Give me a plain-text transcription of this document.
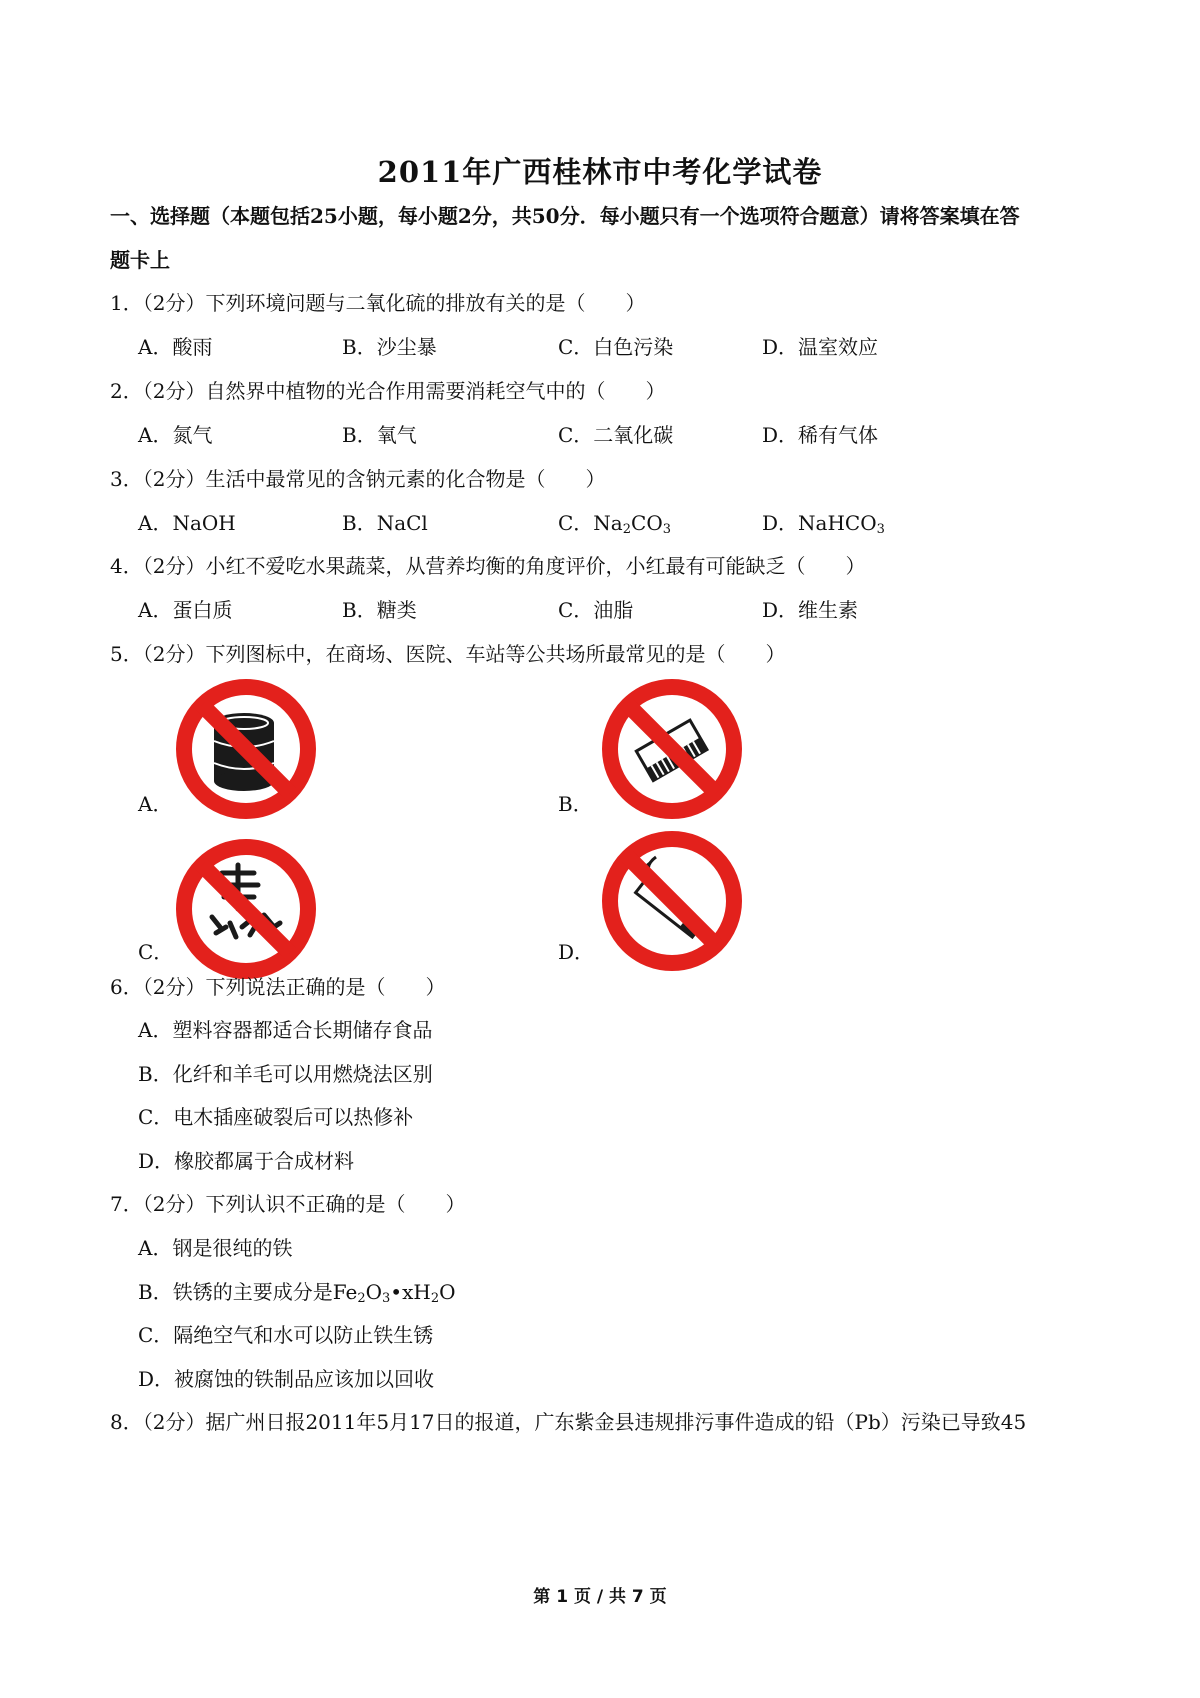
2011年广西桂林市中考化学试卷
一、选择题（本题包括25小题，每小题2分，共50分．每小题只有一个选项符合题意）请将答案填在答
题卡上
1．（2分）下列环境问题与二氧化硫的排放有关的是（　　）
A．酸雨	B．沙尘暴	C．白色污染	D．温室效应
2．（2分）自然界中植物的光合作用需要消耗空气中的（　　）
A．氮气	B．氧气	C．二氧化碳	D．稀有气体
3．（2分）生活中最常见的含钠元素的化合物是（　　）
A．NaOH	B．NaCl	C．$Na_2CO_3$	D．NaHCO$_3$
4．（2分）小红不爱吃水果蔬菜，从营养均衡的角度评价，小红最有可能缺乏（　　）
A．蛋白质	B．糖类	C．油脂	D．维生素
5．（2分）下列图标中，在商场、医院、车站等公共场所最常见的是（　　）
A．	B．
C．	D．
6．（2分）下列说法正确的是（　　）
A．塑料容器都适合长期储存食品
B．化纤和羊毛可以用燃烧法区别
C．电木插座破裂后可以热修补
D．橡胶都属于合成材料
7．（2分）下列认识不正确的是（　　）
A．钢是很纯的铁
B．铁锈的主要成分是$Fe_2O_3•xH_2O$
C．隔绝空气和水可以防止铁生锈
D．被腐蚀的铁制品应该加以回收
8．（2分）据广州日报2011年5月17日的报道，广东紫金县违规排污事件造成的铅（Pb）污染已导致45
第 1 页 / 共 7 页
